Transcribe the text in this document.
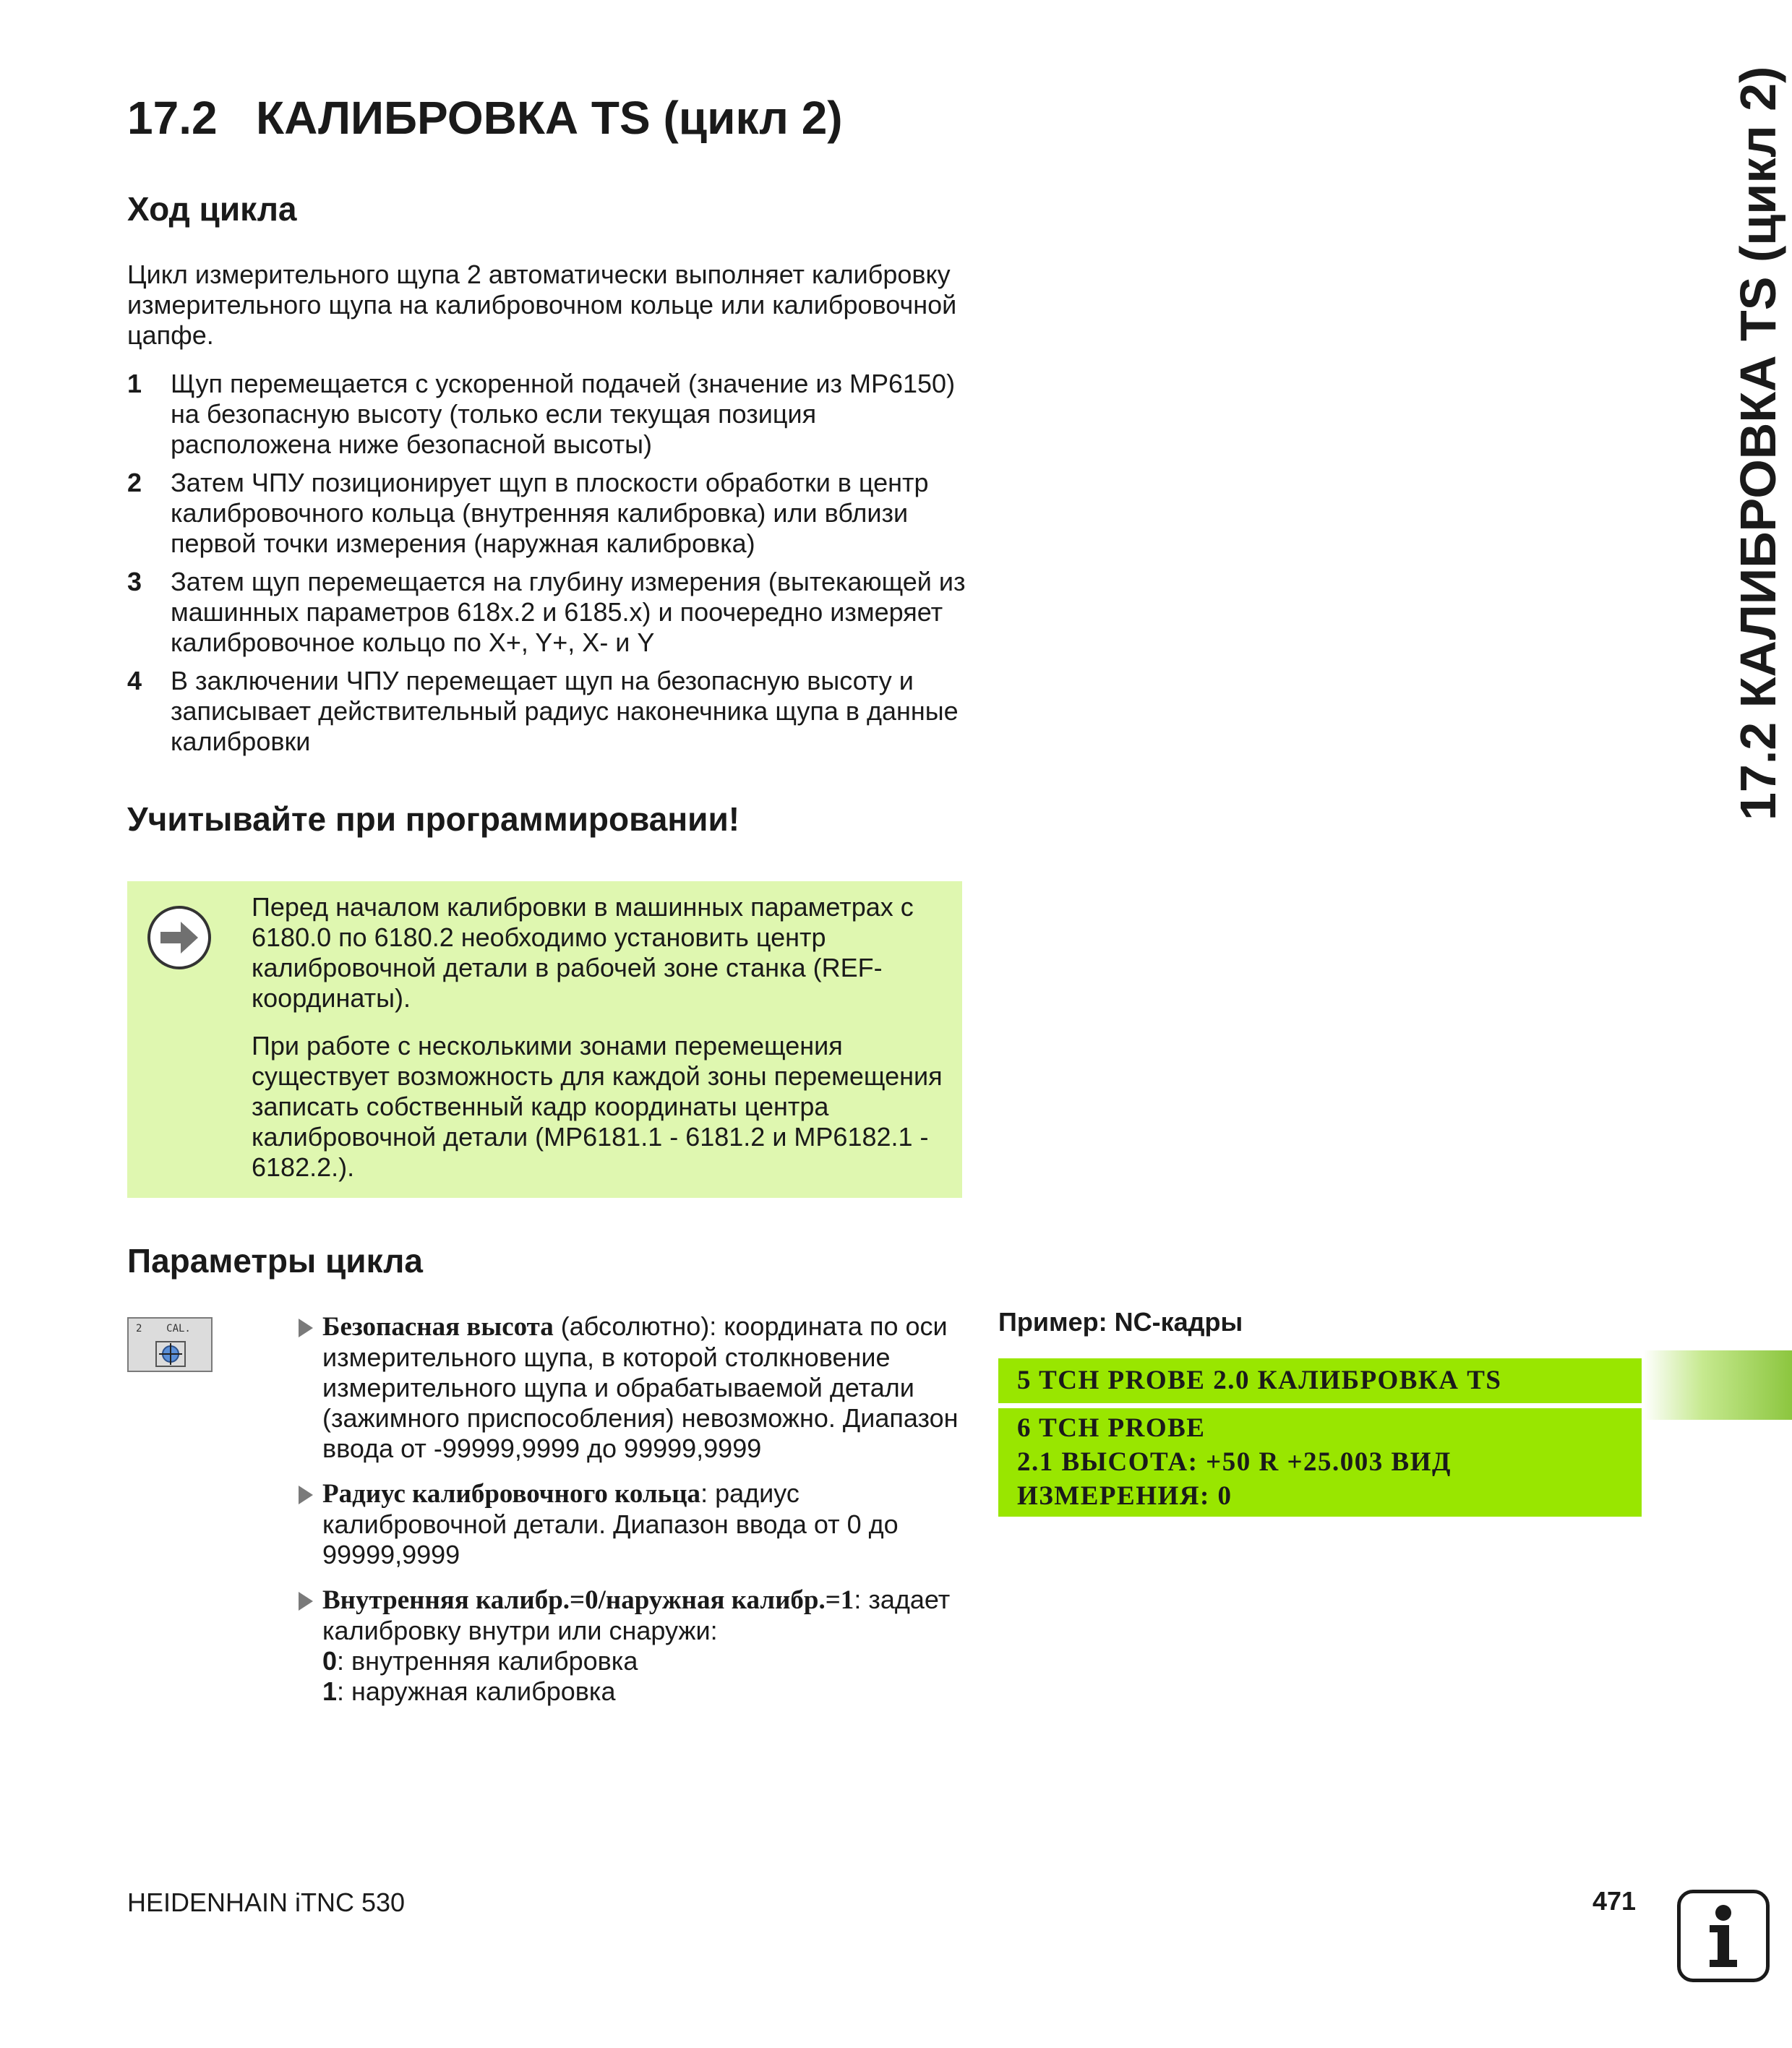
17.2 КАЛИБРОВКА TS (цикл 2)	17.2 КАЛИБРОВКА TS (цикл 2)
Ход цикла
Цикл измерительного щупа 2 автоматически выполняет калибровку измерительного щупа на калибровочном кольце или калибровочной цапфе.
1 Щуп перемещается с ускоренной подачей (значение из MP6150) на безопасную высоту (только если текущая позиция расположена ниже безопасной высоты)
2 Затем ЧПУ позиционирует щуп в плоскости обработки в центр калибровочного кольца (внутренняя калибровка) или вблизи первой точки измерения (наружная калибровка)
3 Затем щуп перемещается на глубину измерения (вытекающей из машинных параметров 618x.2 и 6185.x) и поочередно измеряет калибровочное кольцо по X+, Y+, X- и Y
4 В заключении ЧПУ перемещает щуп на безопасную высоту и записывает действительный радиус наконечника щупа в данные калибровки
Учитывайте при программировании!

Перед началом калибровки в машинных параметрах с 6180.0 по 6180.2 необходимо установить центр калибровочной детали в рабочей зоне станка (REF-координаты).

При работе с несколькими зонами перемещения существует возможность для каждой зоны перемещения записать собственный кадр координаты центра калибровочной детали (MP6181.1 - 6181.2 и MP6182.1 - 6182.2.).

Параметры цикла
2    CAL.	Безопасная высота (абсолютно): координата по оси измерительного щупа, в которой столкновение измерительного щупа и обрабатываемой детали (зажимного приспособления) невозможно. Диапазон ввода от -99999,9999 до 99999,9999
Радиус калибровочного кольца: радиус калибровочной детали. Диапазон ввода от 0 до 99999,9999
Внутренняя калибр.=0/наружная калибр.=1: задает калибровку внутри или снаружи:
0: внутренняя калибровка
1: наружная калибровка
Пример: NC-кадры
5 TCH PROBE 2.0 КАЛИБРОВКА TS
6 TCH PROBE
2.1 ВЫСОТА: +50 R +25.003 ВИД
ИЗМЕРЕНИЯ: 0
HEIDENHAIN iTNC 530	471
